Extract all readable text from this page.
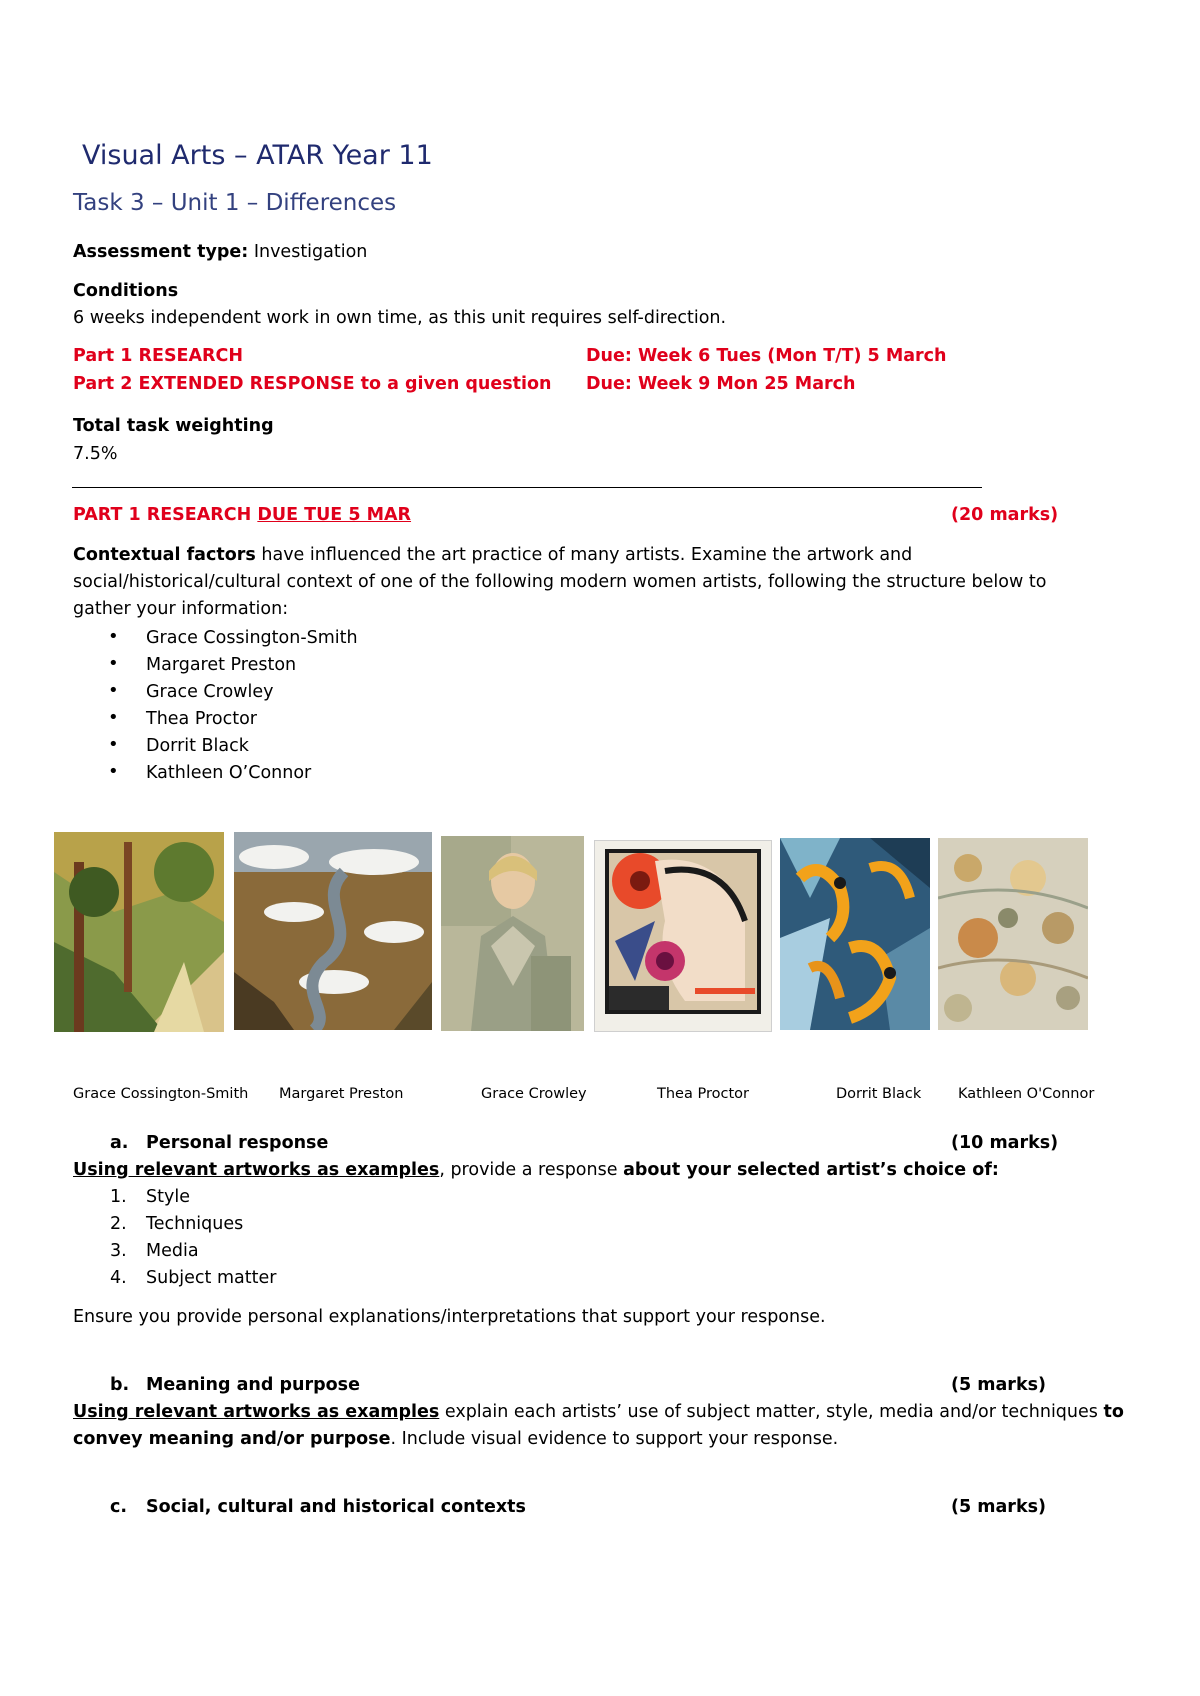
Visual Arts – ATAR Year 11
Task 3 – Unit 1 – Differences
Assessment type: Investigation
Conditions
6 weeks independent work in own time, as this unit requires self-direction.
Part 1 RESEARCH	Due: Week 6 Tues (Mon T/T) 5 March
Part 2 EXTENDED RESPONSE to a given question Due: Week 9 Mon 25 March
Total task weighting
7.5%
PART 1 RESEARCH DUE TUE 5 MAR	(20 marks)
Contextual factors have influenced the art practice of many artists. Examine the artwork and
social/historical/cultural context of one of the following modern women artists, following the structure below to
gather your information:
• Grace Cossington-Smith
• Margaret Preston
• Grace Crowley
• Thea Proctor
• Dorrit Black
• Kathleen O’Connor
Grace Cossington-Smith Margaret Preston	Grace Crowley	Thea Proctor	Dorrit Black	Kathleen O'Connor
a. Personal response	(10 marks)
Using relevant artworks as examples, provide a response about your selected artist’s choice of:
1. Style
2. Techniques
3. Media
4. Subject matter
Ensure you provide personal explanations/interpretations that support your response.
b. Meaning and purpose	(5 marks)
Using relevant artworks as examples explain each artists’ use of subject matter, style, media and/or techniques to
convey meaning and/or purpose. Include visual evidence to support your response.
c. Social, cultural and historical contexts	(5 marks)
